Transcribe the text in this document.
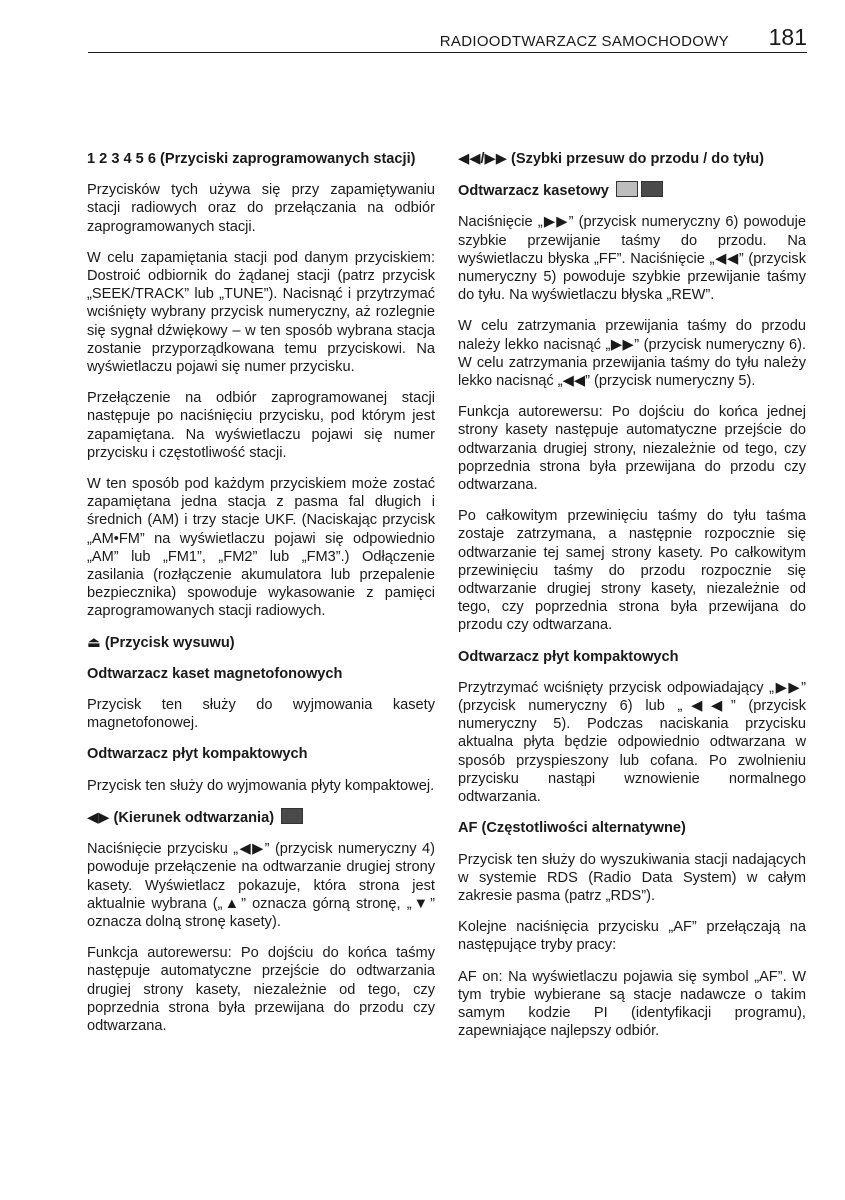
RADIOODTWARZACZ SAMOCHODOWY 181

1 2 3 4 5 6 (Przyciski zaprogramowanych stacji)

Przycisków tych używa się przy zapamiętywaniu stacji radiowych oraz do przełączania na odbiór zaprogramowanych stacji.

W celu zapamiętania stacji pod danym przyciskiem: Dostroić odbiornik do żądanej stacji (patrz przycisk „SEEK/TRACK” lub „TUNE”). Nacisnąć i przytrzymać wciśnięty wybrany przycisk numeryczny, aż rozlegnie się sygnał dźwiękowy – w ten sposób wybrana stacja zostanie przyporządkowana temu przyciskowi. Na wyświetlaczu pojawi się numer przycisku.

Przełączenie na odbiór zaprogramowanej stacji następuje po naciśnięciu przycisku, pod którym jest zapamiętana. Na wyświetlaczu pojawi się numer przycisku i częstotliwość stacji.

W ten sposób pod każdym przyciskiem może zostać zapamiętana jedna stacja z pasma fal długich i średnich (AM) i trzy stacje UKF. (Naciskając przycisk „AM•FM” na wyświetlaczu pojawi się odpowiednio „AM” lub „FM1”, „FM2” lub „FM3”.) Odłączenie zasilania (rozłączenie akumulatora lub przepalenie bezpiecznika) spowoduje wykasowanie z pamięci zaprogramowanych stacji radiowych.

⏏ (Przycisk wysuwu)

Odtwarzacz kaset magnetofonowych

Przycisk ten służy do wyjmowania kasety magnetofonowej.

Odtwarzacz płyt kompaktowych

Przycisk ten służy do wyjmowania płyty kompaktowej.

◀▶ (Kierunek odtwarzania)

Naciśnięcie przycisku „◀▶” (przycisk numeryczny 4) powoduje przełączenie na odtwarzanie drugiej strony kasety. Wyświetlacz pokazuje, która strona jest aktualnie wybrana („▲” oznacza górną stronę, „▼” oznacza dolną stronę kasety).

Funkcja autorewersu: Po dojściu do końca taśmy następuje automatyczne przejście do odtwarzania drugiej strony kasety, niezależnie od tego, czy poprzednia strona była przewijana do przodu czy odtwarzana.

◀◀/▶▶ (Szybki przesuw do przodu / do tyłu)

Odtwarzacz kasetowy

Naciśnięcie „▶▶” (przycisk numeryczny 6) powoduje szybkie przewijanie taśmy do przodu. Na wyświetlaczu błyska „FF”. Naciśnięcie „◀◀” (przycisk numeryczny 5) powoduje szybkie przewijanie taśmy do tyłu. Na wyświetlaczu błyska „REW”.

W celu zatrzymania przewijania taśmy do przodu należy lekko nacisnąć „▶▶” (przycisk numeryczny 6). W celu zatrzymania przewijania taśmy do tyłu należy lekko nacisnąć „◀◀” (przycisk numeryczny 5).

Funkcja autorewersu: Po dojściu do końca jednej strony kasety następuje automatyczne przejście do odtwarzania drugiej strony, niezależnie od tego, czy poprzednia strona była przewijana do przodu czy odtwarzana.

Po całkowitym przewinięciu taśmy do tyłu taśma zostaje zatrzymana, a następnie rozpocznie się odtwarzanie tej samej strony kasety. Po całkowitym przewinięciu taśmy do przodu rozpocznie się odtwarzanie drugiej strony kasety, niezależnie od tego, czy poprzednia strona była przewijana do przodu czy odtwarzana.

Odtwarzacz płyt kompaktowych

Przytrzymać wciśnięty przycisk odpowiadający „▶▶” (przycisk numeryczny 6) lub „◀◀” (przycisk numeryczny 5). Podczas naciskania przycisku aktualna płyta będzie odpowiednio odtwarzana w sposób przyspieszony lub cofana. Po zwolnieniu przycisku nastąpi wznowienie normalnego odtwarzania.

AF (Częstotliwości alternatywne)

Przycisk ten służy do wyszukiwania stacji nadających w systemie RDS (Radio Data System) w całym zakresie pasma (patrz „RDS”).

Kolejne naciśnięcia przycisku „AF” przełączają na następujące tryby pracy:

AF on: Na wyświetlaczu pojawia się symbol „AF”. W tym trybie wybierane są stacje nadawcze o takim samym kodzie PI (identyfikacji programu), zapewniające najlepszy odbiór.
